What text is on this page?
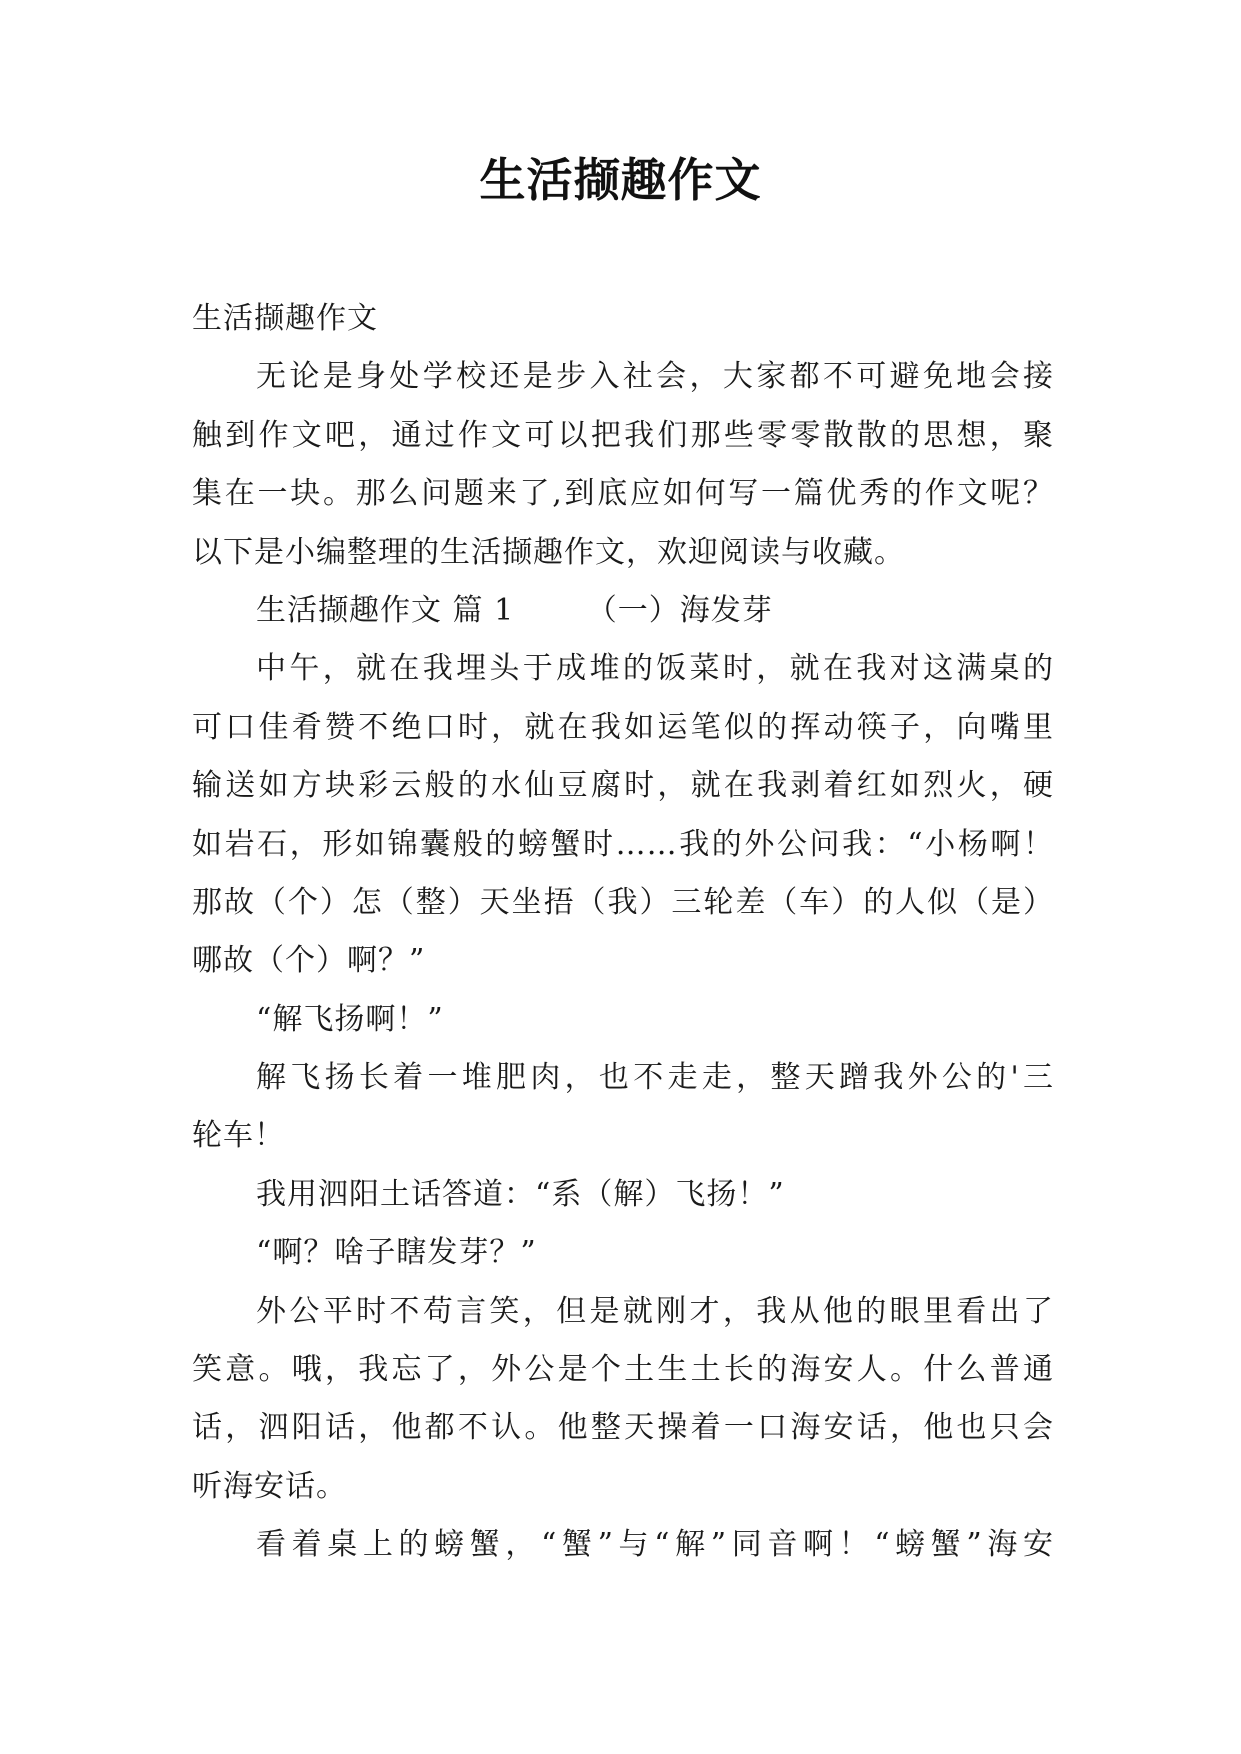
生活撷趣作文
生活撷趣作文
无论是身处学校还是步入社会，大家都不可避免地会接
触到作文吧，通过作文可以把我们那些零零散散的思想，聚
集在一块。那么问题来了,到底应如何写一篇优秀的作文呢？
以下是小编整理的生活撷趣作文，欢迎阅读与收藏。
生活撷趣作文 篇 1　　 （一）海发芽
中午，就在我埋头于成堆的饭菜时，就在我对这满桌的
可口佳肴赞不绝口时，就在我如运笔似的挥动筷子，向嘴里
输送如方块彩云般的水仙豆腐时，就在我剥着红如烈火，硬
如岩石，形如锦囊般的螃蟹时……我的外公问我：“小杨啊！
那故（个）怎（整）天坐捂（我）三轮差（车）的人似（是）
哪故（个）啊？”
“解飞扬啊！”
解飞扬长着一堆肥肉，也不走走，整天蹭我外公的'三
轮车！
我用泗阳土话答道：“系（解）飞扬！”
“啊？啥子瞎发芽？”
外公平时不苟言笑，但是就刚才，我从他的眼里看出了
笑意。哦，我忘了，外公是个土生土长的海安人。什么普通
话，泗阳话，他都不认。他整天操着一口海安话，他也只会
听海安话。
看着桌上的螃蟹，“蟹”与“解”同音啊！“螃蟹”海安
